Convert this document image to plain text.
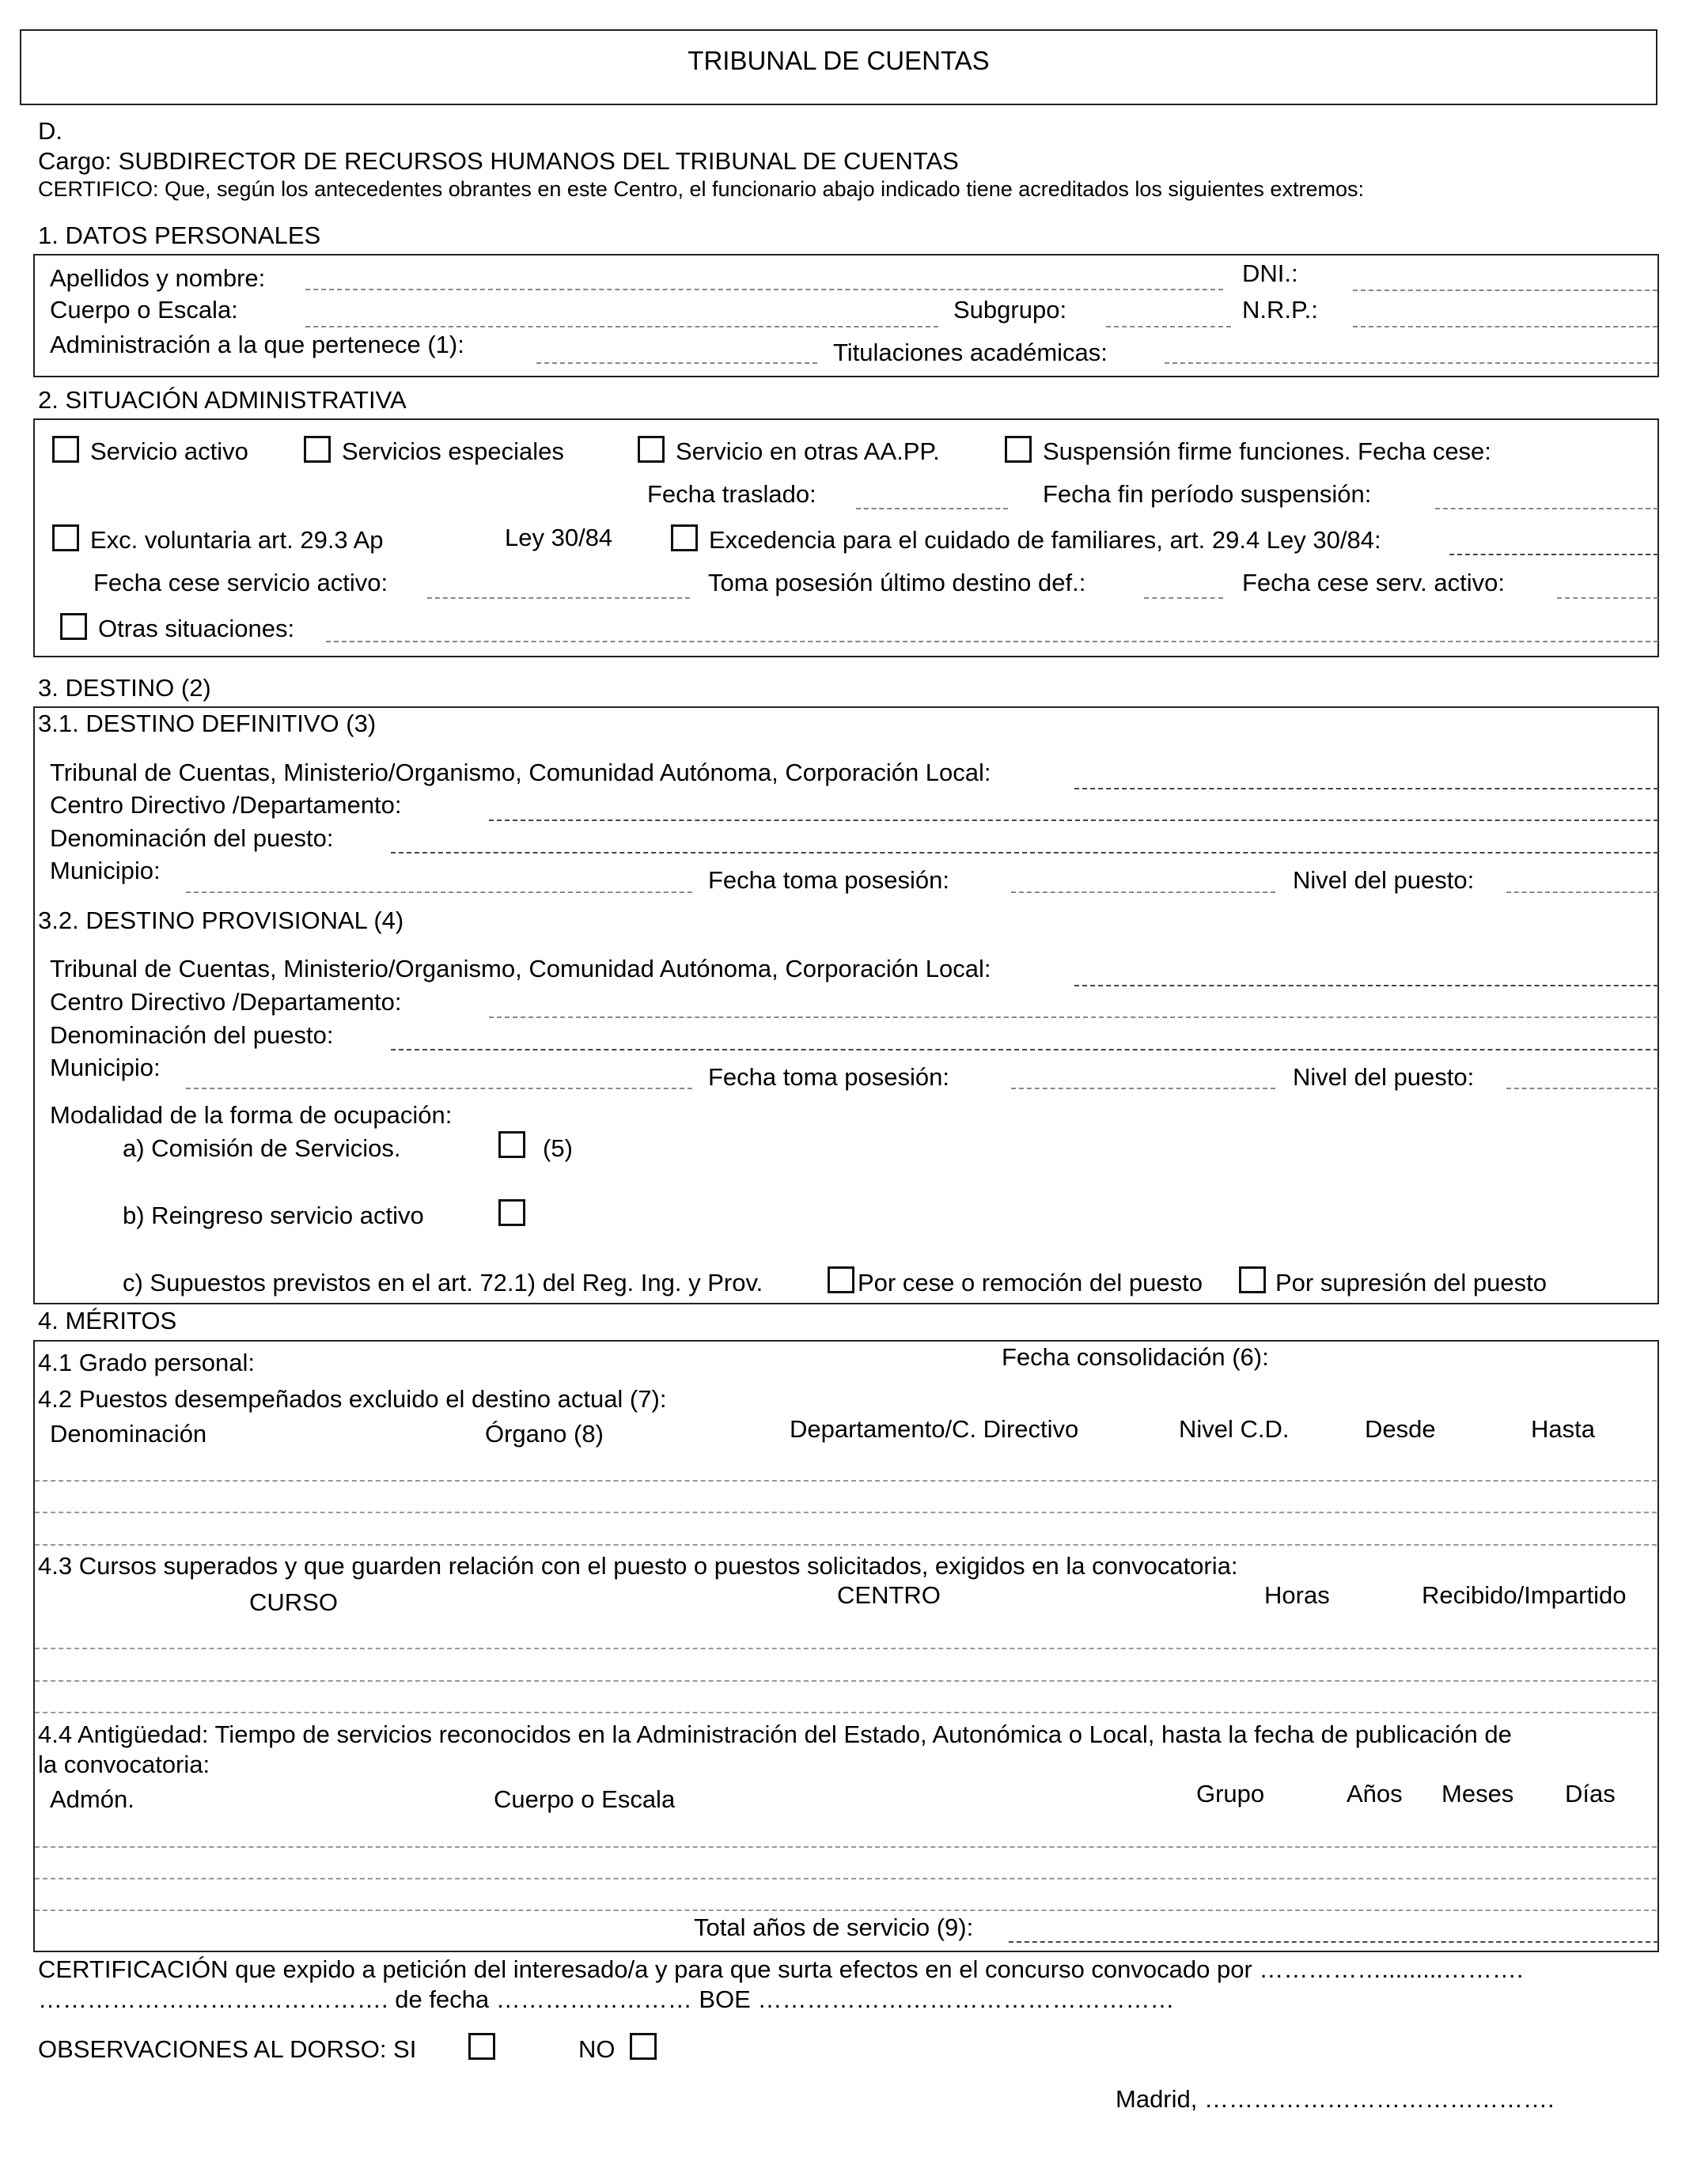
TRIBUNAL DE CUENTAS
D.
Cargo: SUBDIRECTOR DE RECURSOS HUMANOS DEL TRIBUNAL DE CUENTAS
CERTIFICO: Que, según los antecedentes obrantes en este Centro, el funcionario abajo indicado tiene acreditados los siguientes extremos:
1. DATOS PERSONALES
Apellidos y nombre:	DNI.:
Cuerpo o Escala:	Subgrupo:	N.R.P.:
Administración a la que pertenece (1):	Titulaciones académicas:
2. SITUACIÓN ADMINISTRATIVA
Servicio activo	Servicios especiales	Servicio en otras AA.PP.	Suspensión firme funciones. Fecha cese:
Fecha traslado:	Fecha fin período suspensión:
Exc. voluntaria art. 29.3 Ap	Ley 30/84	Excedencia para el cuidado de familiares, art. 29.4 Ley 30/84:
Fecha cese servicio activo:	Toma posesión último destino def.:	Fecha cese serv. activo:
Otras situaciones:
3. DESTINO (2)
3.1. DESTINO DEFINITIVO (3)
Tribunal de Cuentas, Ministerio/Organismo, Comunidad Autónoma, Corporación Local:
Centro Directivo /Departamento:
Denominación del puesto:
Municipio:	Fecha toma posesión:	Nivel del puesto:
3.2. DESTINO PROVISIONAL (4)
Tribunal de Cuentas, Ministerio/Organismo, Comunidad Autónoma, Corporación Local:
Centro Directivo /Departamento:
Denominación del puesto:
Municipio:	Fecha toma posesión:	Nivel del puesto:
Modalidad de la forma de ocupación:
a) Comisión de Servicios.	(5)
b) Reingreso servicio activo
c) Supuestos previstos en el art. 72.1) del Reg. Ing. y Prov.	Por cese o remoción del puesto	Por supresión del puesto
4. MÉRITOS
4.1 Grado personal:	Fecha consolidación (6):
4.2 Puestos desempeñados excluido el destino actual (7):
Denominación	Órgano (8)	Departamento/C. Directivo	Nivel C.D.	Desde	Hasta
4.3 Cursos superados y que guarden relación con el puesto o puestos solicitados, exigidos en la convocatoria:
CURSO	CENTRO	Horas	Recibido/Impartido
4.4 Antigüedad: Tiempo de servicios reconocidos en la Administración del Estado, Autonómica o Local, hasta la fecha de publicación de
la convocatoria:
Admón.	Cuerpo o Escala	Grupo	Años Meses Días
Total años de servicio (9):
CERTIFICACIÓN que expido a petición del interesado/a y para que surta efectos en el concurso convocado por …………….........……….
……………………………………. de fecha …………………… BOE ……………………………………………
OBSERVACIONES AL DORSO: SI	NO
Madrid, …………………………………….
